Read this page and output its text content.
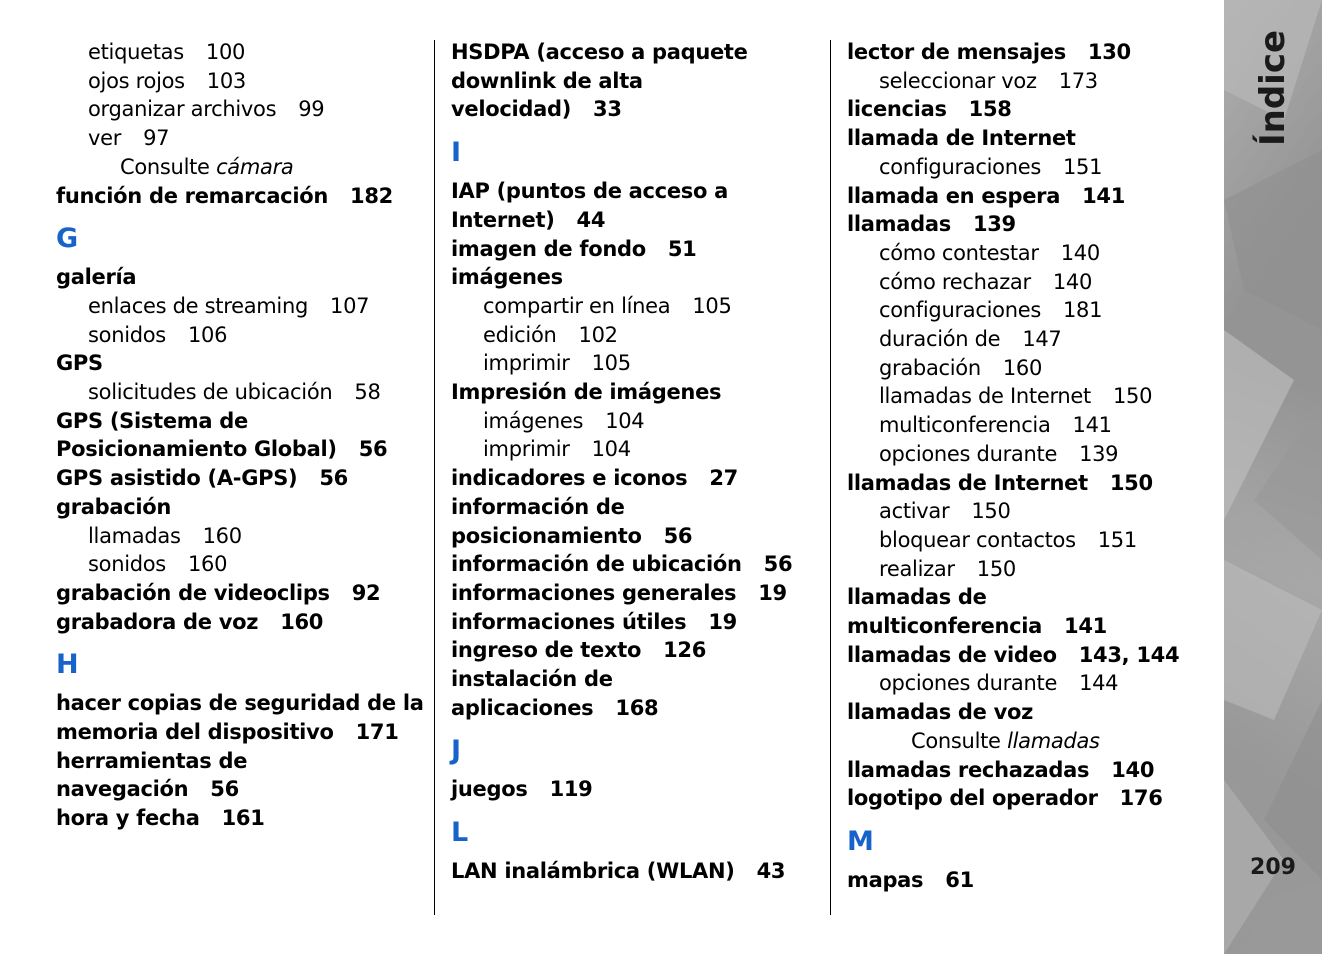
etiquetas 100
ojos rojos 103
organizar archivos 99
ver 97
Consulte cámara
función de remarcación 182
G
galería
enlaces de streaming 107
sonidos 106
GPS
solicitudes de ubicación 58
GPS (Sistema de
Posicionamiento Global) 56
GPS asistido (A-GPS) 56
grabación
llamadas 160
sonidos 160
grabación de videoclips 92
grabadora de voz 160
H
hacer copias de seguridad de la
memoria del dispositivo 171
herramientas de
navegación 56
hora y fecha 161
HSDPA (acceso a paquete
downlink de alta
velocidad) 33
I
IAP (puntos de acceso a
Internet) 44
imagen de fondo 51
imágenes
compartir en línea 105
edición 102
imprimir 105
Impresión de imágenes
imágenes 104
imprimir 104
indicadores e iconos 27
información de
posicionamiento 56
información de ubicación 56
informaciones generales 19
informaciones útiles 19
ingreso de texto 126
instalación de
aplicaciones 168
J
juegos 119
L
LAN inalámbrica (WLAN) 43
lector de mensajes 130
seleccionar voz 173
licencias 158
llamada de Internet
configuraciones 151
llamada en espera 141
llamadas 139
cómo contestar 140
cómo rechazar 140
configuraciones 181
duración de 147
grabación 160
llamadas de Internet 150
multiconferencia 141
opciones durante 139
llamadas de Internet 150
activar 150
bloquear contactos 151
realizar 150
llamadas de
multiconferencia 141
llamadas de video 143, 144
opciones durante 144
llamadas de voz
Consulte llamadas
llamadas rechazadas 140
logotipo del operador 176
M
mapas 61
Índice
209
